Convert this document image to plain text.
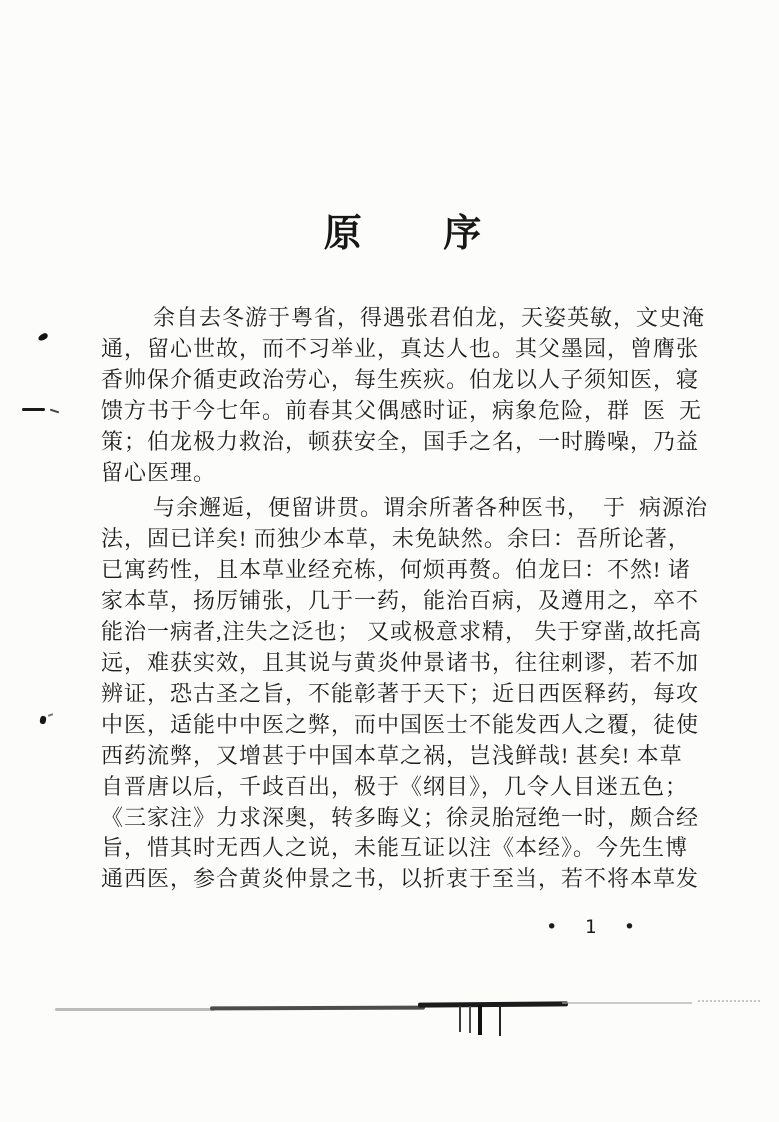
原 序
余自去冬游于粤省，得遇张君伯龙，天姿英敏，文史淹
通，留心世故，而不习举业，真达人也。其父墨园，曾膺张
香帅保介循吏政治劳心，每生疾疢。伯龙以人子须知医，寝
馈方书于今七年。前春其父偶感时证，病象危险，群  医  无
策；伯龙极力救治，顿获安全，国手之名，一时腾噪，乃益
留心医理。
与余邂逅，便留讲贯。谓余所著各种医书，  于  病源治
法，固已详矣! 而独少本草，未免缺然。余曰：吾所论著，
已寓药性，且本草业经充栋，何烦再赘。伯龙曰：不然! 诸
家本草，扬厉铺张，几于一药，能治百病，及遵用之，卒不
能治一病者,注失之泛也； 又或极意求精， 失于穿凿,故托高
远，难获实效，且其说与黄炎仲景诸书，往往刺谬，若不加
辨证，恐古圣之旨，不能彰著于天下；近日西医释药，每攻
中医，适能中中医之弊，而中国医士不能发西人之覆，徒使
西药流弊，又增甚于中国本草之祸，岂浅鲜哉! 甚矣! 本草
自晋唐以后，千歧百出，极于《纲目》，几令人目迷五色；
《三家注》力求深奥，转多晦义；徐灵胎冠绝一时，颇合经
旨，惜其时无西人之说，未能互证以注《本经》。今先生博
通西医，参合黄炎仲景之书，以折衷于至当，若不将本草发
• 1 •
